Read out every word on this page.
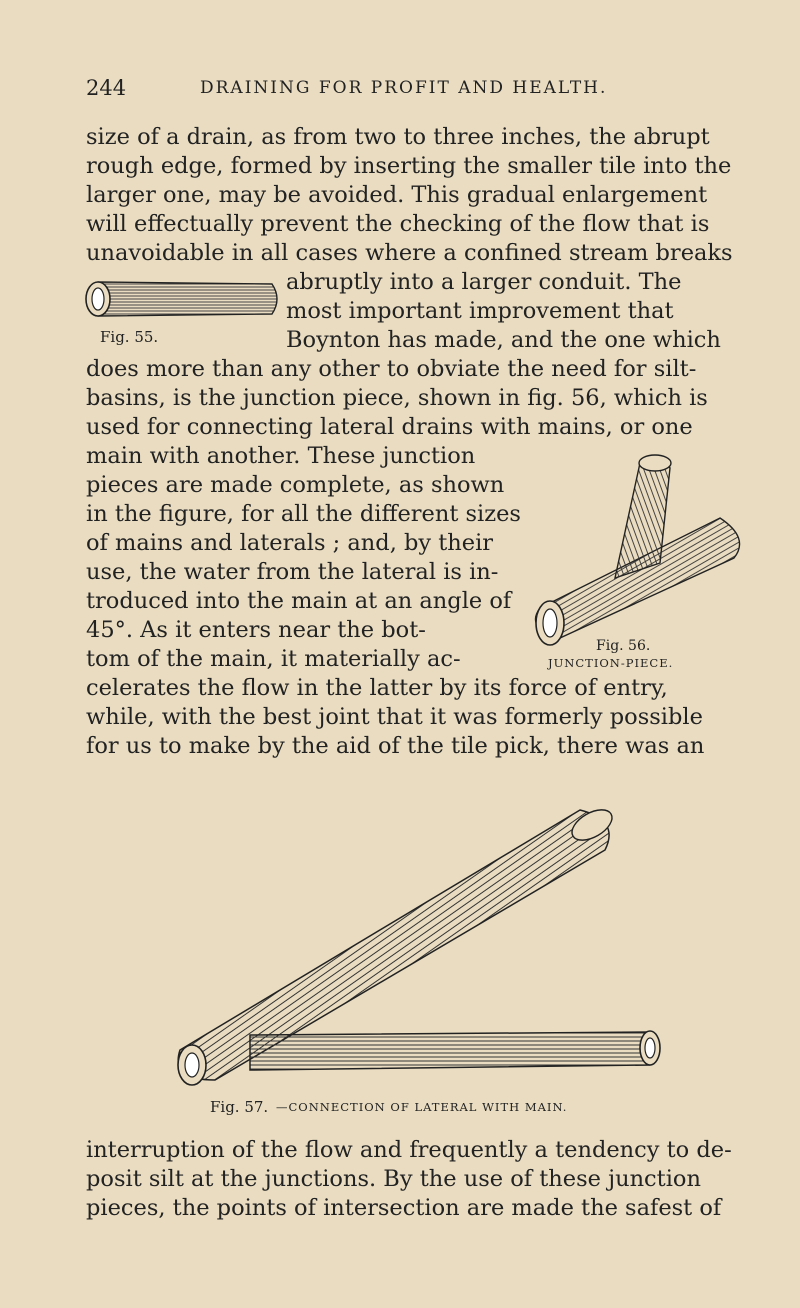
244	DRAINING FOR PROFIT AND HEALTH.
size of a drain, as from two to three inches, the abrupt
rough edge, formed by inserting the smaller tile into the
larger one, may be avoided. This gradual enlargement
will effectually prevent the checking of the flow that is
unavoidable in all cases where a confined stream breaks
abruptly into a larger conduit. The
most important improvement that
Boynton has made, and the one which
does more than any other to obviate the need for silt-
basins, is the junction piece, shown in fig. 56, which is
used for connecting lateral drains with mains, or one
main with another. These junction
pieces are made complete, as shown
in the figure, for all the different sizes
of mains and laterals ; and, by their
use, the water from the lateral is in-
troduced into the main at an angle of
45°. As it enters near the bot-
tom of the main, it materially ac-
celerates the flow in the latter by its force of entry,
while, with the best joint that it was formerly possible
for us to make by the aid of the tile pick, there was an
Fig. 55.
Fig. 56.
JUNCTION-PIECE.
Fig. 57. —CONNECTION OF LATERAL WITH MAIN.
interruption of the flow and frequently a tendency to de-
posit silt at the junctions. By the use of these junction
pieces, the points of intersection are made the safest of
